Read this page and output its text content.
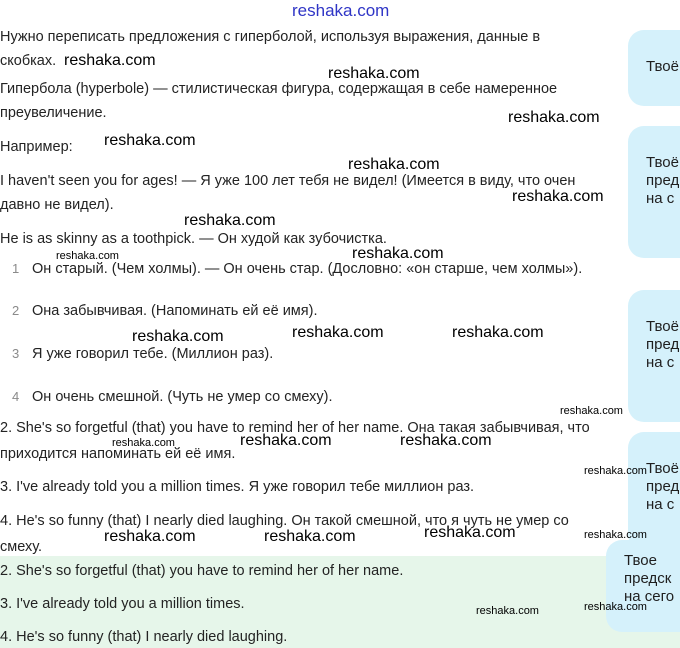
Твоё
Твоё
пред
на с
Твоё
пред
на с
Твоё
пред
на с
Твое
предск
на сего
Нужно переписать предложения с гиперболой, используя выражения, данные в
скобках.
Гипербола (hyperbole) — стилистическая фигура, содержащая в себе намеренное
преувеличение.
Например:
I haven't seen you for ages! — Я уже 100 лет тебя не видел! (Имеется в виду, что очен
давно не видел).
He is as skinny as a toothpick. — Он худой как зубочистка.
1 Он старый. (Чем холмы). — Он очень стар. (Дословно: «он старше, чем холмы»).
2 Она забывчивая. (Напоминать ей её имя).
3 Я уже говорил тебе. (Миллион раз).
4 Он очень смешной. (Чуть не умер со смеху).
2. She's so forgetful (that) you have to remind her of her name. Она такая забывчивая, что
приходится напоминать ей её имя.
3. I've already told you a million times. Я уже говорил тебе миллион раз.
4. He's so funny (that) I nearly died laughing. Он такой смешной, что я чуть не умер со
смеху.
2. She's so forgetful (that) you have to remind her of her name.
3. I've already told you a million times.
4. He's so funny (that) I nearly died laughing.
reshaka.com
reshaka.com
reshaka.com
reshaka.com
reshaka.com
reshaka.com
reshaka.com
reshaka.com
reshaka.com
reshaka.com
reshaka.com	reshaka.com	reshaka.com
reshaka.com
reshaka.com	reshaka.com	reshaka.com
reshaka.com
reshaka.com	reshaka.com	reshaka.com	reshaka.com
reshaka.com	reshaka.com
